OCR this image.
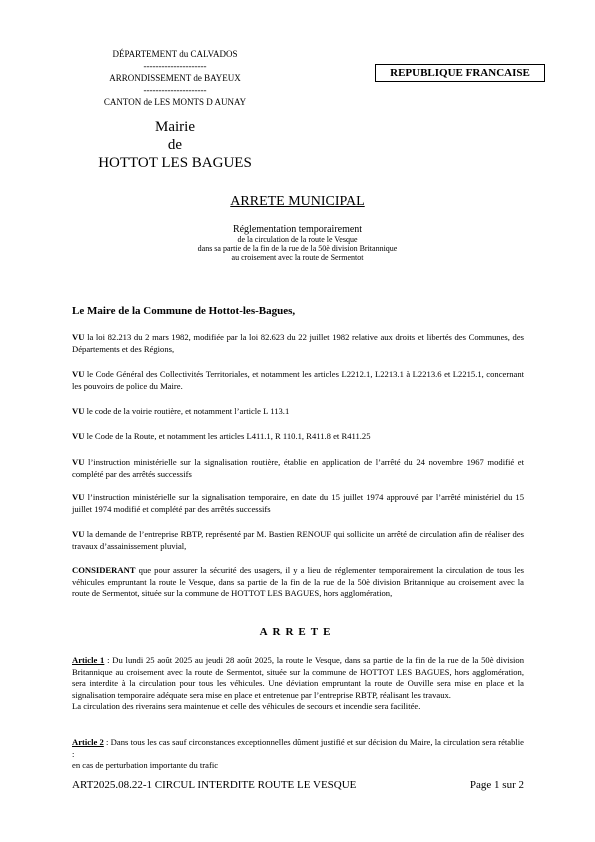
DÉPARTEMENT du CALVADOS
---------------------
ARRONDISSEMENT de BAYEUX
---------------------
CANTON de LES MONTS D AUNAY
REPUBLIQUE FRANCAISE
Mairie
de
HOTTOT LES BAGUES
ARRETE MUNICIPAL
Réglementation temporairement
de la circulation de la route le Vesque
dans sa partie de la fin de la rue de la 50è division Britannique
au croisement avec la route de Sermentot
Le Maire de la Commune de Hottot-les-Bagues,
VU la loi 82.213 du 2 mars 1982, modifiée par la loi 82.623 du 22 juillet 1982 relative aux droits et libertés des Communes, des Départements et des Régions,
VU le Code Général des Collectivités Territoriales, et notamment les articles L2212.1, L2213.1 à L2213.6 et L2215.1, concernant les pouvoirs de police du Maire.
VU le code de la voirie routière, et notamment l’article L 113.1
VU le Code de la Route, et notamment les articles L411.1, R 110.1, R411.8 et R411.25
VU l’instruction ministérielle sur la signalisation routière, établie en application de l’arrêté du 24 novembre 1967 modifié et complété par des arrêtés successifs
VU l’instruction ministérielle sur la signalisation temporaire, en date du 15 juillet 1974 approuvé par l’arrêté ministériel du 15 juillet 1974 modifié et complété par des arrêtés successifs
VU la demande de l’entreprise RBTP, représenté par M. Bastien RENOUF qui sollicite un arrêté de circulation afin de réaliser des travaux d’assainissement pluvial,
CONSIDERANT que pour assurer la sécurité des usagers, il y a lieu de réglementer temporairement la circulation de tous les véhicules empruntant la route le Vesque, dans sa partie de la fin de la rue de la 50è division Britannique au croisement avec la route de Sermentot, située sur la commune de HOTTOT LES BAGUES, hors agglomération,
ARRETE
Article 1 : Du lundi 25 août 2025 au jeudi 28 août 2025, la route le Vesque, dans sa partie de la fin de la rue de la 50è division Britannique au croisement avec la route de Sermentot, située sur la commune de HOTTOT LES BAGUES, hors agglomération, sera interdite à la circulation pour tous les véhicules. Une déviation empruntant la route de Ouville sera mise en place et la signalisation temporaire adéquate sera mise en place et entretenue par l’entreprise RBTP, réalisant les travaux.
La circulation des riverains sera maintenue et celle des véhicules de secours et incendie sera facilitée.
Article 2 : Dans tous les cas sauf circonstances exceptionnelles dûment justifié et sur décision du Maire, la circulation sera rétablie :
en cas de perturbation importante du trafic
ART2025.08.22-1 CIRCUL INTERDITE ROUTE LE VESQUE	Page 1 sur 2
